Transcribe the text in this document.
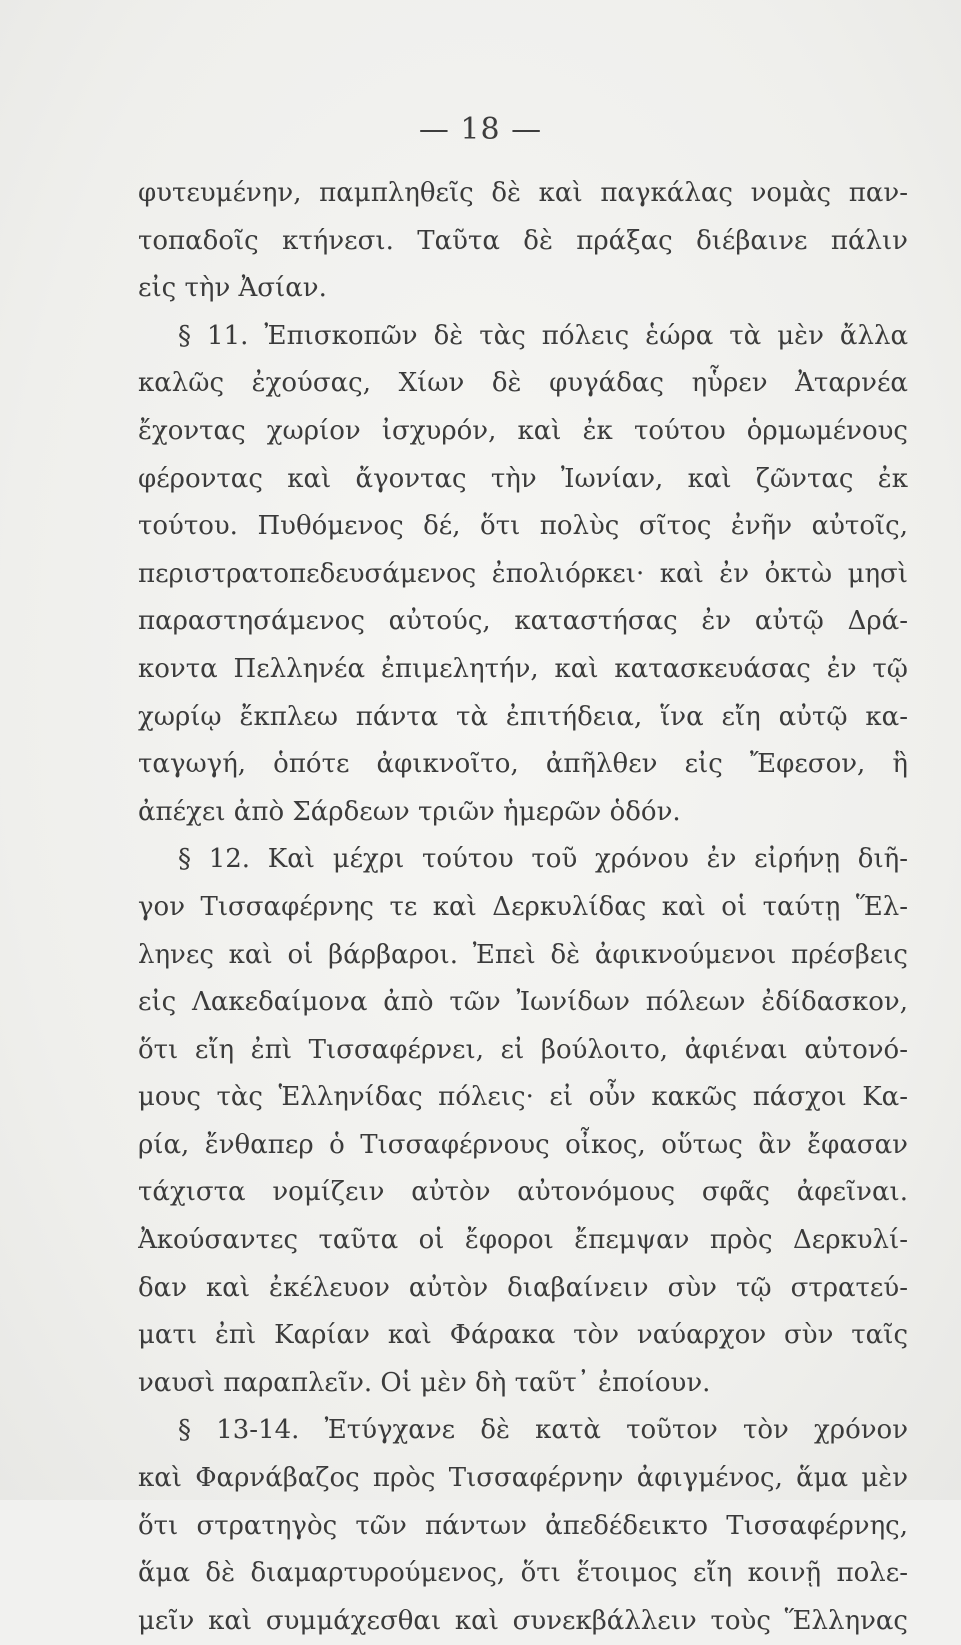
— 18 —
φυτευμένην, παμπληθεῖς δὲ καὶ παγκάλας νομὰς παν-
τοπαδοῖς κτήνεσι. Ταῦτα δὲ πράξας διέβαινε πάλιν
εἰς τὴν Ἀσίαν.
§ 11. Ἐπισκοπῶν δὲ τὰς πόλεις ἑώρα τὰ μὲν ἄλλα
καλῶς ἐχούσας, Χίων δὲ φυγάδας ηὗρεν Ἀταρνέα
ἔχοντας χωρίον ἰσχυρόν, καὶ ἐκ τούτου ὁρμωμένους
φέροντας καὶ ἄγοντας τὴν Ἰωνίαν, καὶ ζῶντας ἐκ
τούτου. Πυθόμενος δέ, ὅτι πολὺς σῖτος ἐνῆν αὐτοῖς,
περιστρατοπεδευσάμενος ἐπολιόρκει· καὶ ἐν ὀκτὼ μησὶ
παραστησάμενος αὐτούς, καταστήσας ἐν αὐτῷ Δρά-
κοντα Πελληνέα ἐπιμελητήν, καὶ κατασκευάσας ἐν τῷ
χωρίῳ ἔκπλεω πάντα τὰ ἐπιτήδεια, ἵνα εἴη αὐτῷ κα-
ταγωγή, ὁπότε ἀφικνοῖτο, ἀπῆλθεν εἰς Ἔφεσον, ἣ
ἀπέχει ἀπὸ Σάρδεων τριῶν ἡμερῶν ὁδόν.
§ 12. Καὶ μέχρι τούτου τοῦ χρόνου ἐν εἰρήνῃ διῆ-
γον Τισσαφέρνης τε καὶ Δερκυλίδας καὶ οἱ ταύτῃ Ἕλ-
ληνες καὶ οἱ βάρβαροι. Ἐπεὶ δὲ ἀφικνούμενοι πρέσβεις
εἰς Λακεδαίμονα ἀπὸ τῶν Ἰωνίδων πόλεων ἐδίδασκον,
ὅτι εἴη ἐπὶ Τισσαφέρνει, εἰ βούλοιτο, ἀφιέναι αὐτονό-
μους τὰς Ἑλληνίδας πόλεις· εἰ οὖν κακῶς πάσχοι Κα-
ρία, ἔνθαπερ ὁ Τισσαφέρνους οἶκος, οὕτως ἂν ἔφασαν
τάχιστα νομίζειν αὐτὸν αὐτονόμους σφᾶς ἀφεῖναι.
Ἀκούσαντες ταῦτα οἱ ἔφοροι ἔπεμψαν πρὸς Δερκυλί-
δαν καὶ ἐκέλευον αὐτὸν διαβαίνειν σὺν τῷ στρατεύ-
ματι ἐπὶ Καρίαν καὶ Φάρακα τὸν ναύαρχον σὺν ταῖς
ναυσὶ παραπλεῖν. Οἱ μὲν δὴ ταῦτ᾽ ἐποίουν.
§ 13-14. Ἐτύγχανε δὲ κατὰ τοῦτον τὸν χρόνον
καὶ Φαρνάβαζος πρὸς Τισσαφέρνην ἀφιγμένος, ἅμα μὲν
ὅτι στρατηγὸς τῶν πάντων ἀπεδέδεικτο Τισσαφέρνης,
ἅμα δὲ διαμαρτυρούμενος, ὅτι ἕτοιμος εἴη κοινῇ πολε-
μεῖν καὶ συμμάχεσθαι καὶ συνεκβάλλειν τοὺς Ἕλληνας
